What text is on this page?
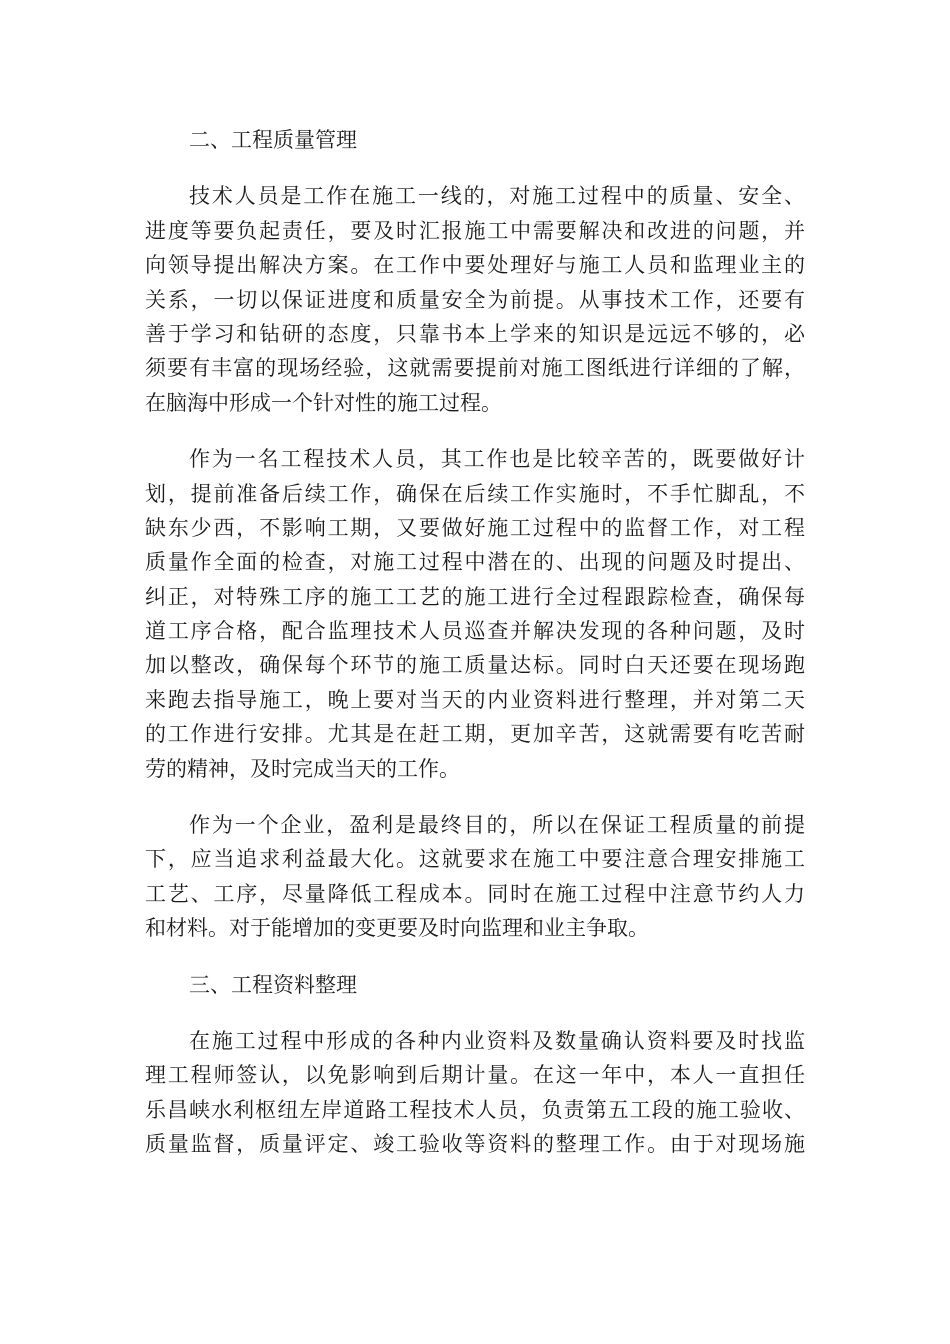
二、工程质量管理
技术人员是工作在施工一线的，对施工过程中的质量、安全、
进度等要负起责任，要及时汇报施工中需要解决和改进的问题，并
向领导提出解决方案。在工作中要处理好与施工人员和监理业主的
关系，一切以保证进度和质量安全为前提。从事技术工作，还要有
善于学习和钻研的态度，只靠书本上学来的知识是远远不够的，必
须要有丰富的现场经验，这就需要提前对施工图纸进行详细的了解，
在脑海中形成一个针对性的施工过程。
作为一名工程技术人员，其工作也是比较辛苦的，既要做好计
划，提前准备后续工作，确保在后续工作实施时，不手忙脚乱，不
缺东少西，不影响工期，又要做好施工过程中的监督工作，对工程
质量作全面的检查，对施工过程中潜在的、出现的问题及时提出、
纠正，对特殊工序的施工工艺的施工进行全过程跟踪检查，确保每
道工序合格，配合监理技术人员巡查并解决发现的各种问题，及时
加以整改，确保每个环节的施工质量达标。同时白天还要在现场跑
来跑去指导施工，晚上要对当天的内业资料进行整理，并对第二天
的工作进行安排。尤其是在赶工期，更加辛苦，这就需要有吃苦耐
劳的精神，及时完成当天的工作。
作为一个企业，盈利是最终目的，所以在保证工程质量的前提
下，应当追求利益最大化。这就要求在施工中要注意合理安排施工
工艺、工序，尽量降低工程成本。同时在施工过程中注意节约人力
和材料。对于能增加的变更要及时向监理和业主争取。
三、工程资料整理
在施工过程中形成的各种内业资料及数量确认资料要及时找监
理工程师签认，以免影响到后期计量。在这一年中，本人一直担任
乐昌峡水利枢纽左岸道路工程技术人员，负责第五工段的施工验收、
质量监督，质量评定、竣工验收等资料的整理工作。由于对现场施
